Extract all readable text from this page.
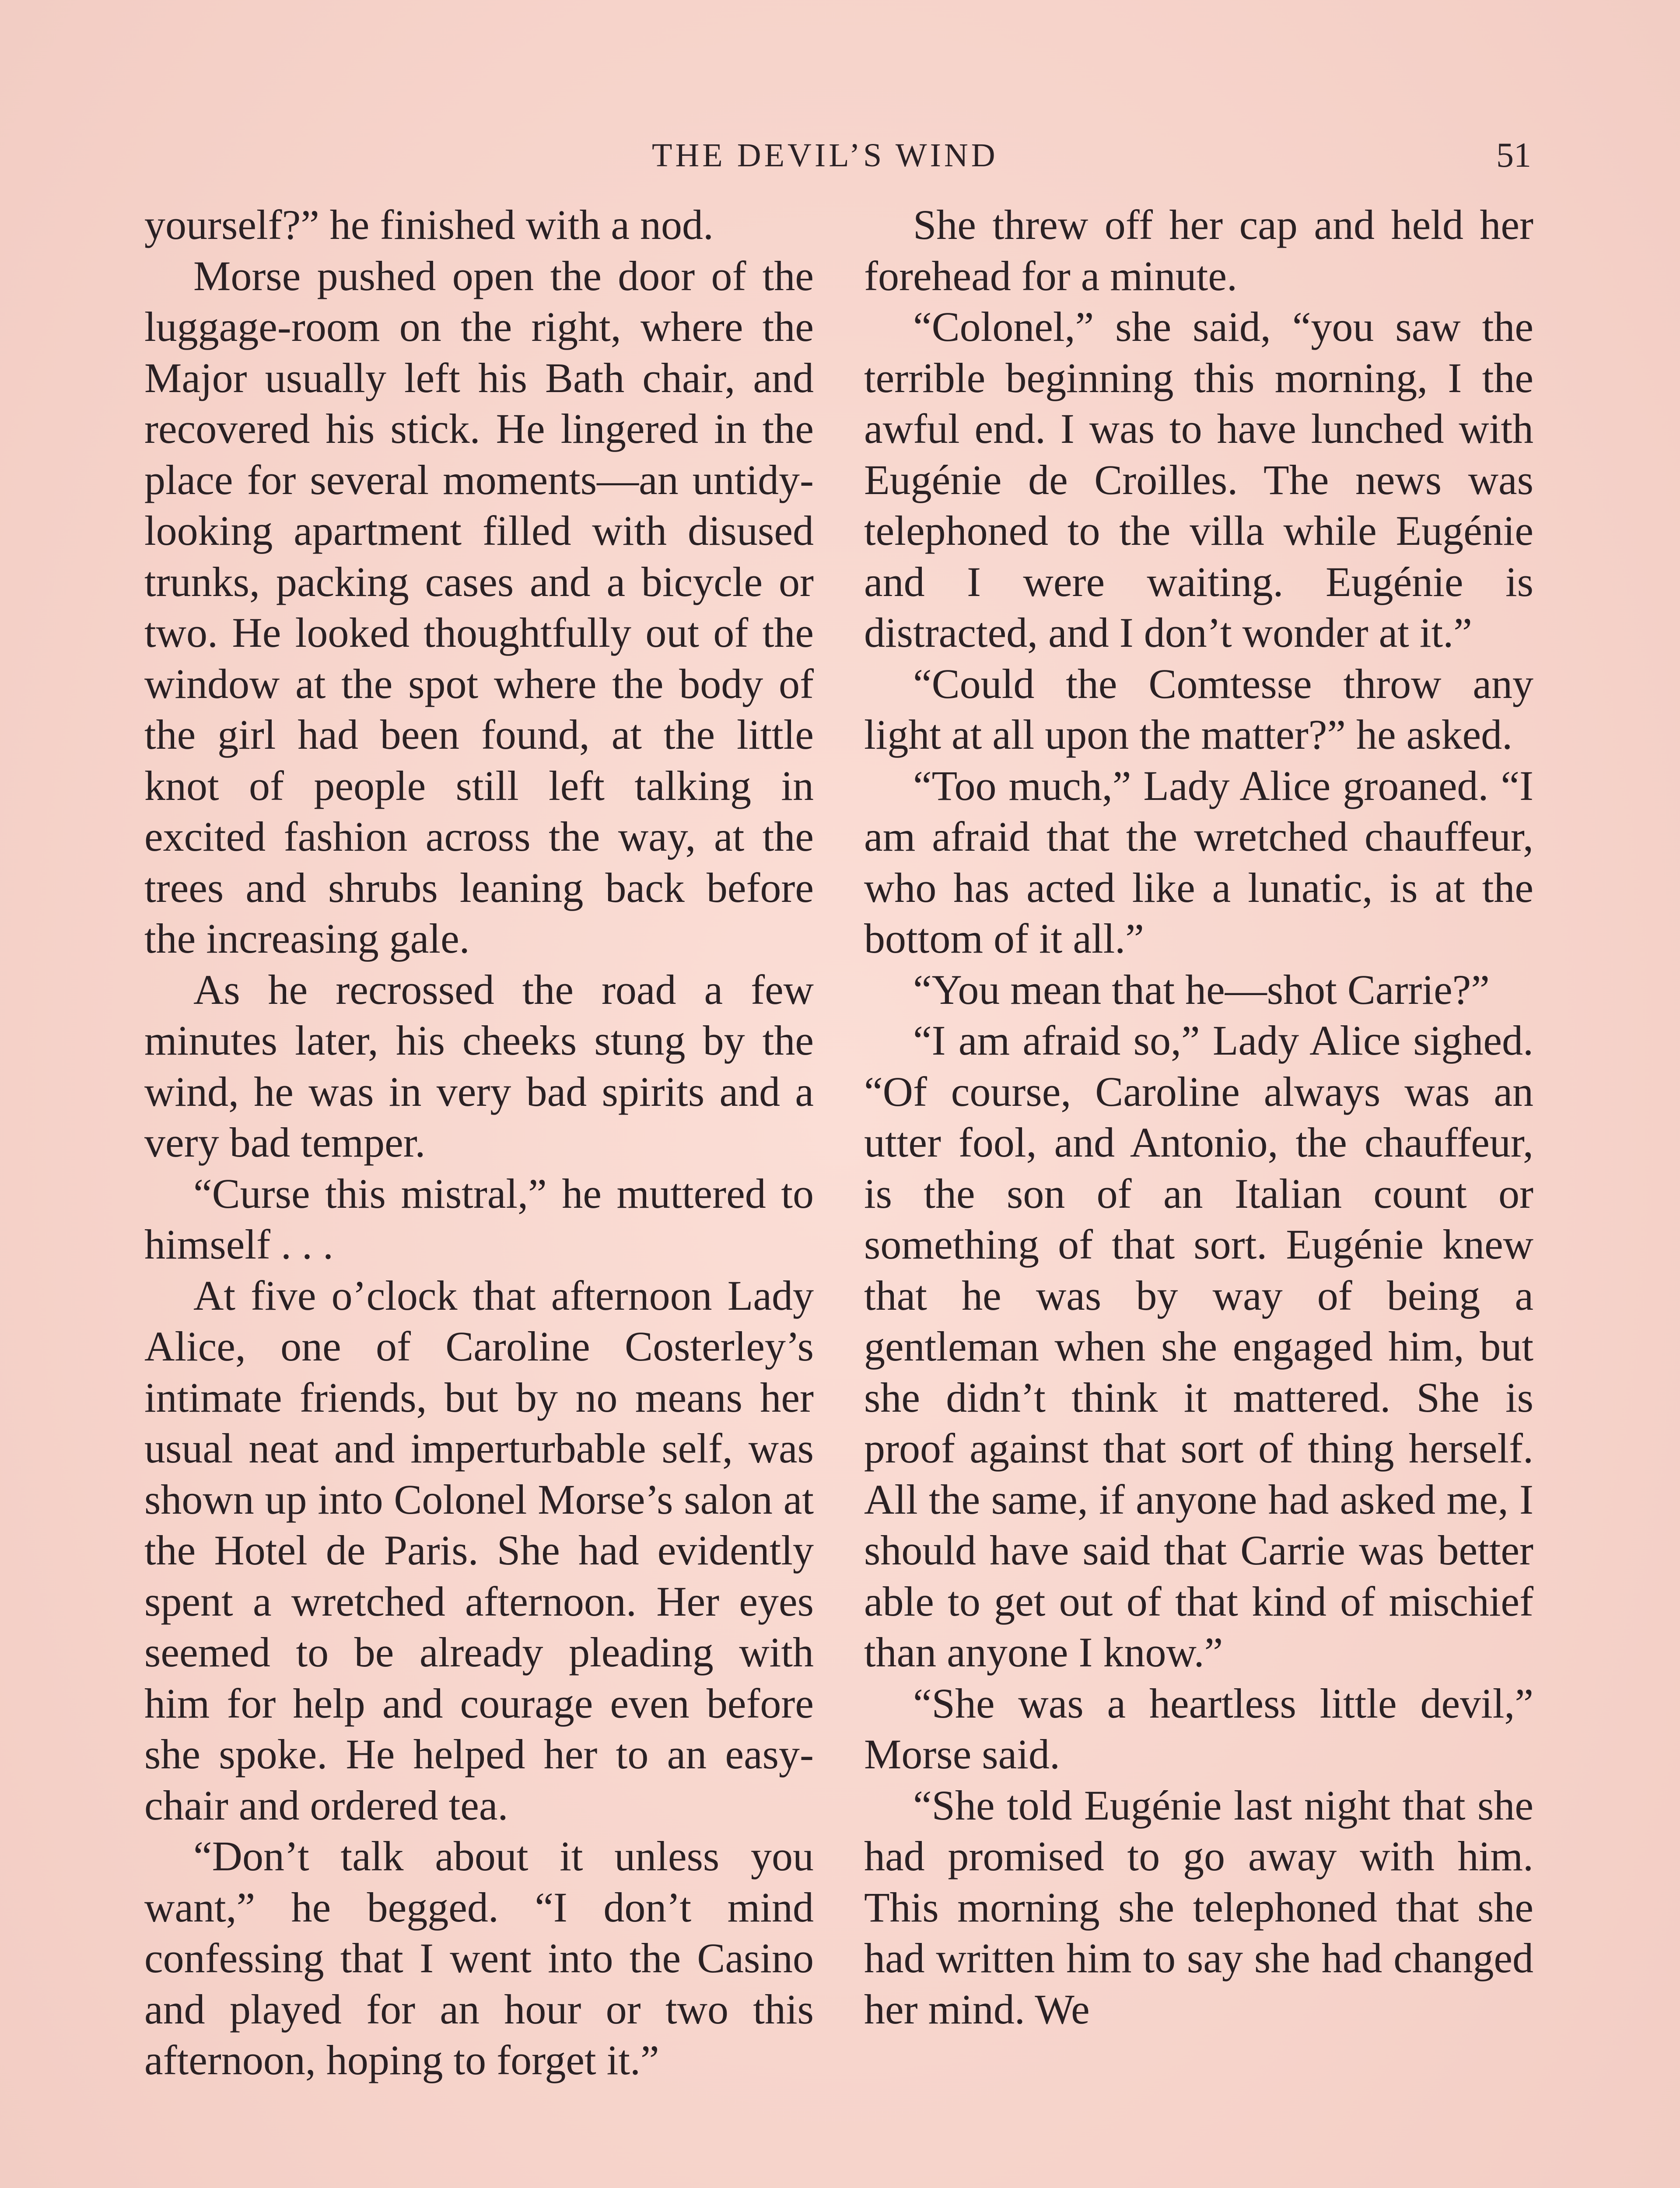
THE DEVIL’S WIND	51

yourself?” he finished with a nod.

Morse pushed open the door of the luggage-room on the right, where the Major usually left his Bath chair, and recovered his stick. He lingered in the place for several moments—an untidy-looking apartment filled with disused trunks, packing cases and a bicycle or two. He looked thoughtfully out of the window at the spot where the body of the girl had been found, at the little knot of people still left talking in excited fashion across the way, at the trees and shrubs leaning back before the increasing gale.

As he recrossed the road a few minutes later, his cheeks stung by the wind, he was in very bad spirits and a very bad temper.

“Curse this mistral,” he muttered to himself . . .

At five o’clock that afternoon Lady Alice, one of Caroline Costerley’s intimate friends, but by no means her usual neat and imperturbable self, was shown up into Colonel Morse’s salon at the Hotel de Paris. She had evidently spent a wretched afternoon. Her eyes seemed to be already pleading with him for help and courage even before she spoke. He helped her to an easy-chair and ordered tea.

“Don’t talk about it unless you want,” he begged. “I don’t mind confessing that I went into the Casino and played for an hour or two this afternoon, hoping to forget it.”

She threw off her cap and held her forehead for a minute.

“Colonel,” she said, “you saw the terrible beginning this morning, I the awful end. I was to have lunched with Eugénie de Croilles. The news was telephoned to the villa while Eugénie and I were waiting. Eugénie is distracted, and I don’t wonder at it.”

“Could the Comtesse throw any light at all upon the matter?” he asked.

“Too much,” Lady Alice groaned. “I am afraid that the wretched chauffeur, who has acted like a lunatic, is at the bottom of it all.”

“You mean that he—shot Carrie?”

“I am afraid so,” Lady Alice sighed. “Of course, Caroline always was an utter fool, and Antonio, the chauffeur, is the son of an Italian count or something of that sort. Eugénie knew that he was by way of being a gentleman when she engaged him, but she didn’t think it mattered. She is proof against that sort of thing herself. All the same, if anyone had asked me, I should have said that Carrie was better able to get out of that kind of mischief than anyone I know.”

“She was a heartless little devil,” Morse said.

“She told Eugénie last night that she had promised to go away with him. This morning she telephoned that she had written him to say she had changed her mind. We
